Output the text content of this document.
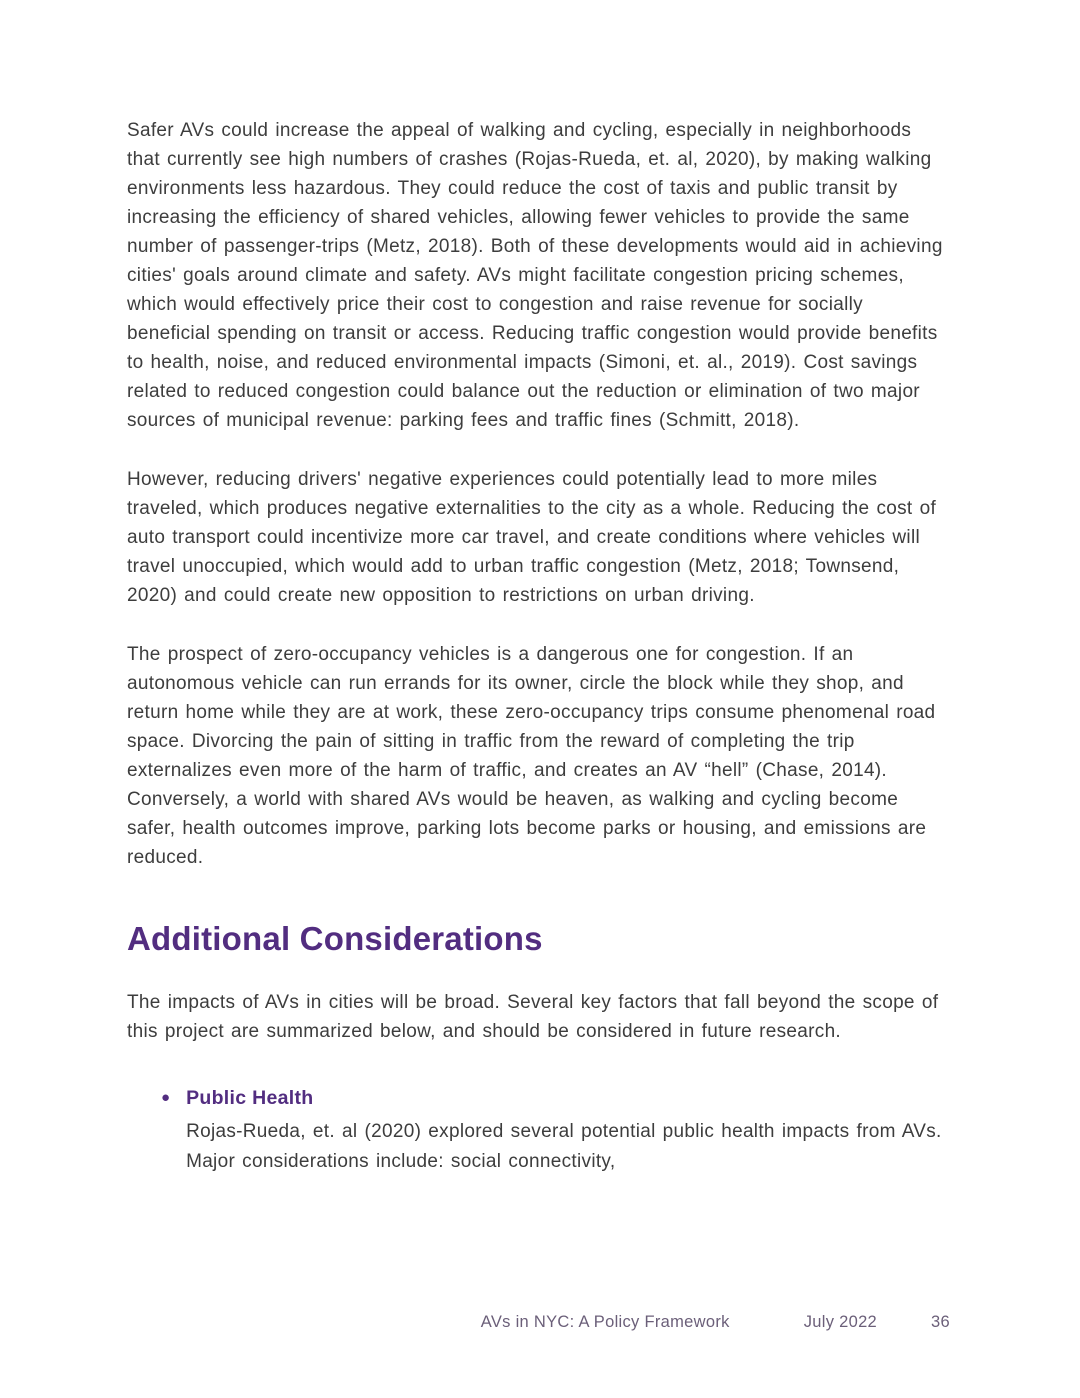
Safer AVs could increase the appeal of walking and cycling, especially in neighborhoods that currently see high numbers of crashes (Rojas-Rueda, et. al, 2020), by making walking environments less hazardous. They could reduce the cost of taxis and public transit by increasing the efficiency of shared vehicles, allowing fewer vehicles to provide the same number of passenger-trips (Metz, 2018). Both of these developments would aid in achieving cities' goals around climate and safety. AVs might facilitate congestion pricing schemes, which would effectively price their cost to congestion and raise revenue for socially beneficial spending on transit or access. Reducing traffic congestion would provide benefits to health, noise, and reduced environmental impacts (Simoni, et. al., 2019). Cost savings related to reduced congestion could balance out the reduction or elimination of two major sources of municipal revenue: parking fees and traffic fines (Schmitt, 2018).

However, reducing drivers' negative experiences could potentially lead to more miles traveled, which produces negative externalities to the city as a whole. Reducing the cost of auto transport could incentivize more car travel, and create conditions where vehicles will travel unoccupied, which would add to urban traffic congestion (Metz, 2018; Townsend, 2020) and could create new opposition to restrictions on urban driving.

The prospect of zero-occupancy vehicles is a dangerous one for congestion. If an autonomous vehicle can run errands for its owner, circle the block while they shop, and return home while they are at work, these zero-occupancy trips consume phenomenal road space. Divorcing the pain of sitting in traffic from the reward of completing the trip externalizes even more of the harm of traffic, and creates an AV “hell” (Chase, 2014). Conversely, a world with shared AVs would be heaven, as walking and cycling become safer, health outcomes improve, parking lots become parks or housing, and emissions are reduced.

Additional Considerations

The impacts of AVs in cities will be broad. Several key factors that fall beyond the scope of this project are summarized below, and should be considered in future research.

● Public Health

Rojas-Rueda, et. al (2020) explored several potential public health impacts from AVs. Major considerations include: social connectivity,

AVs in NYC: A Policy Framework	July 2022	36
